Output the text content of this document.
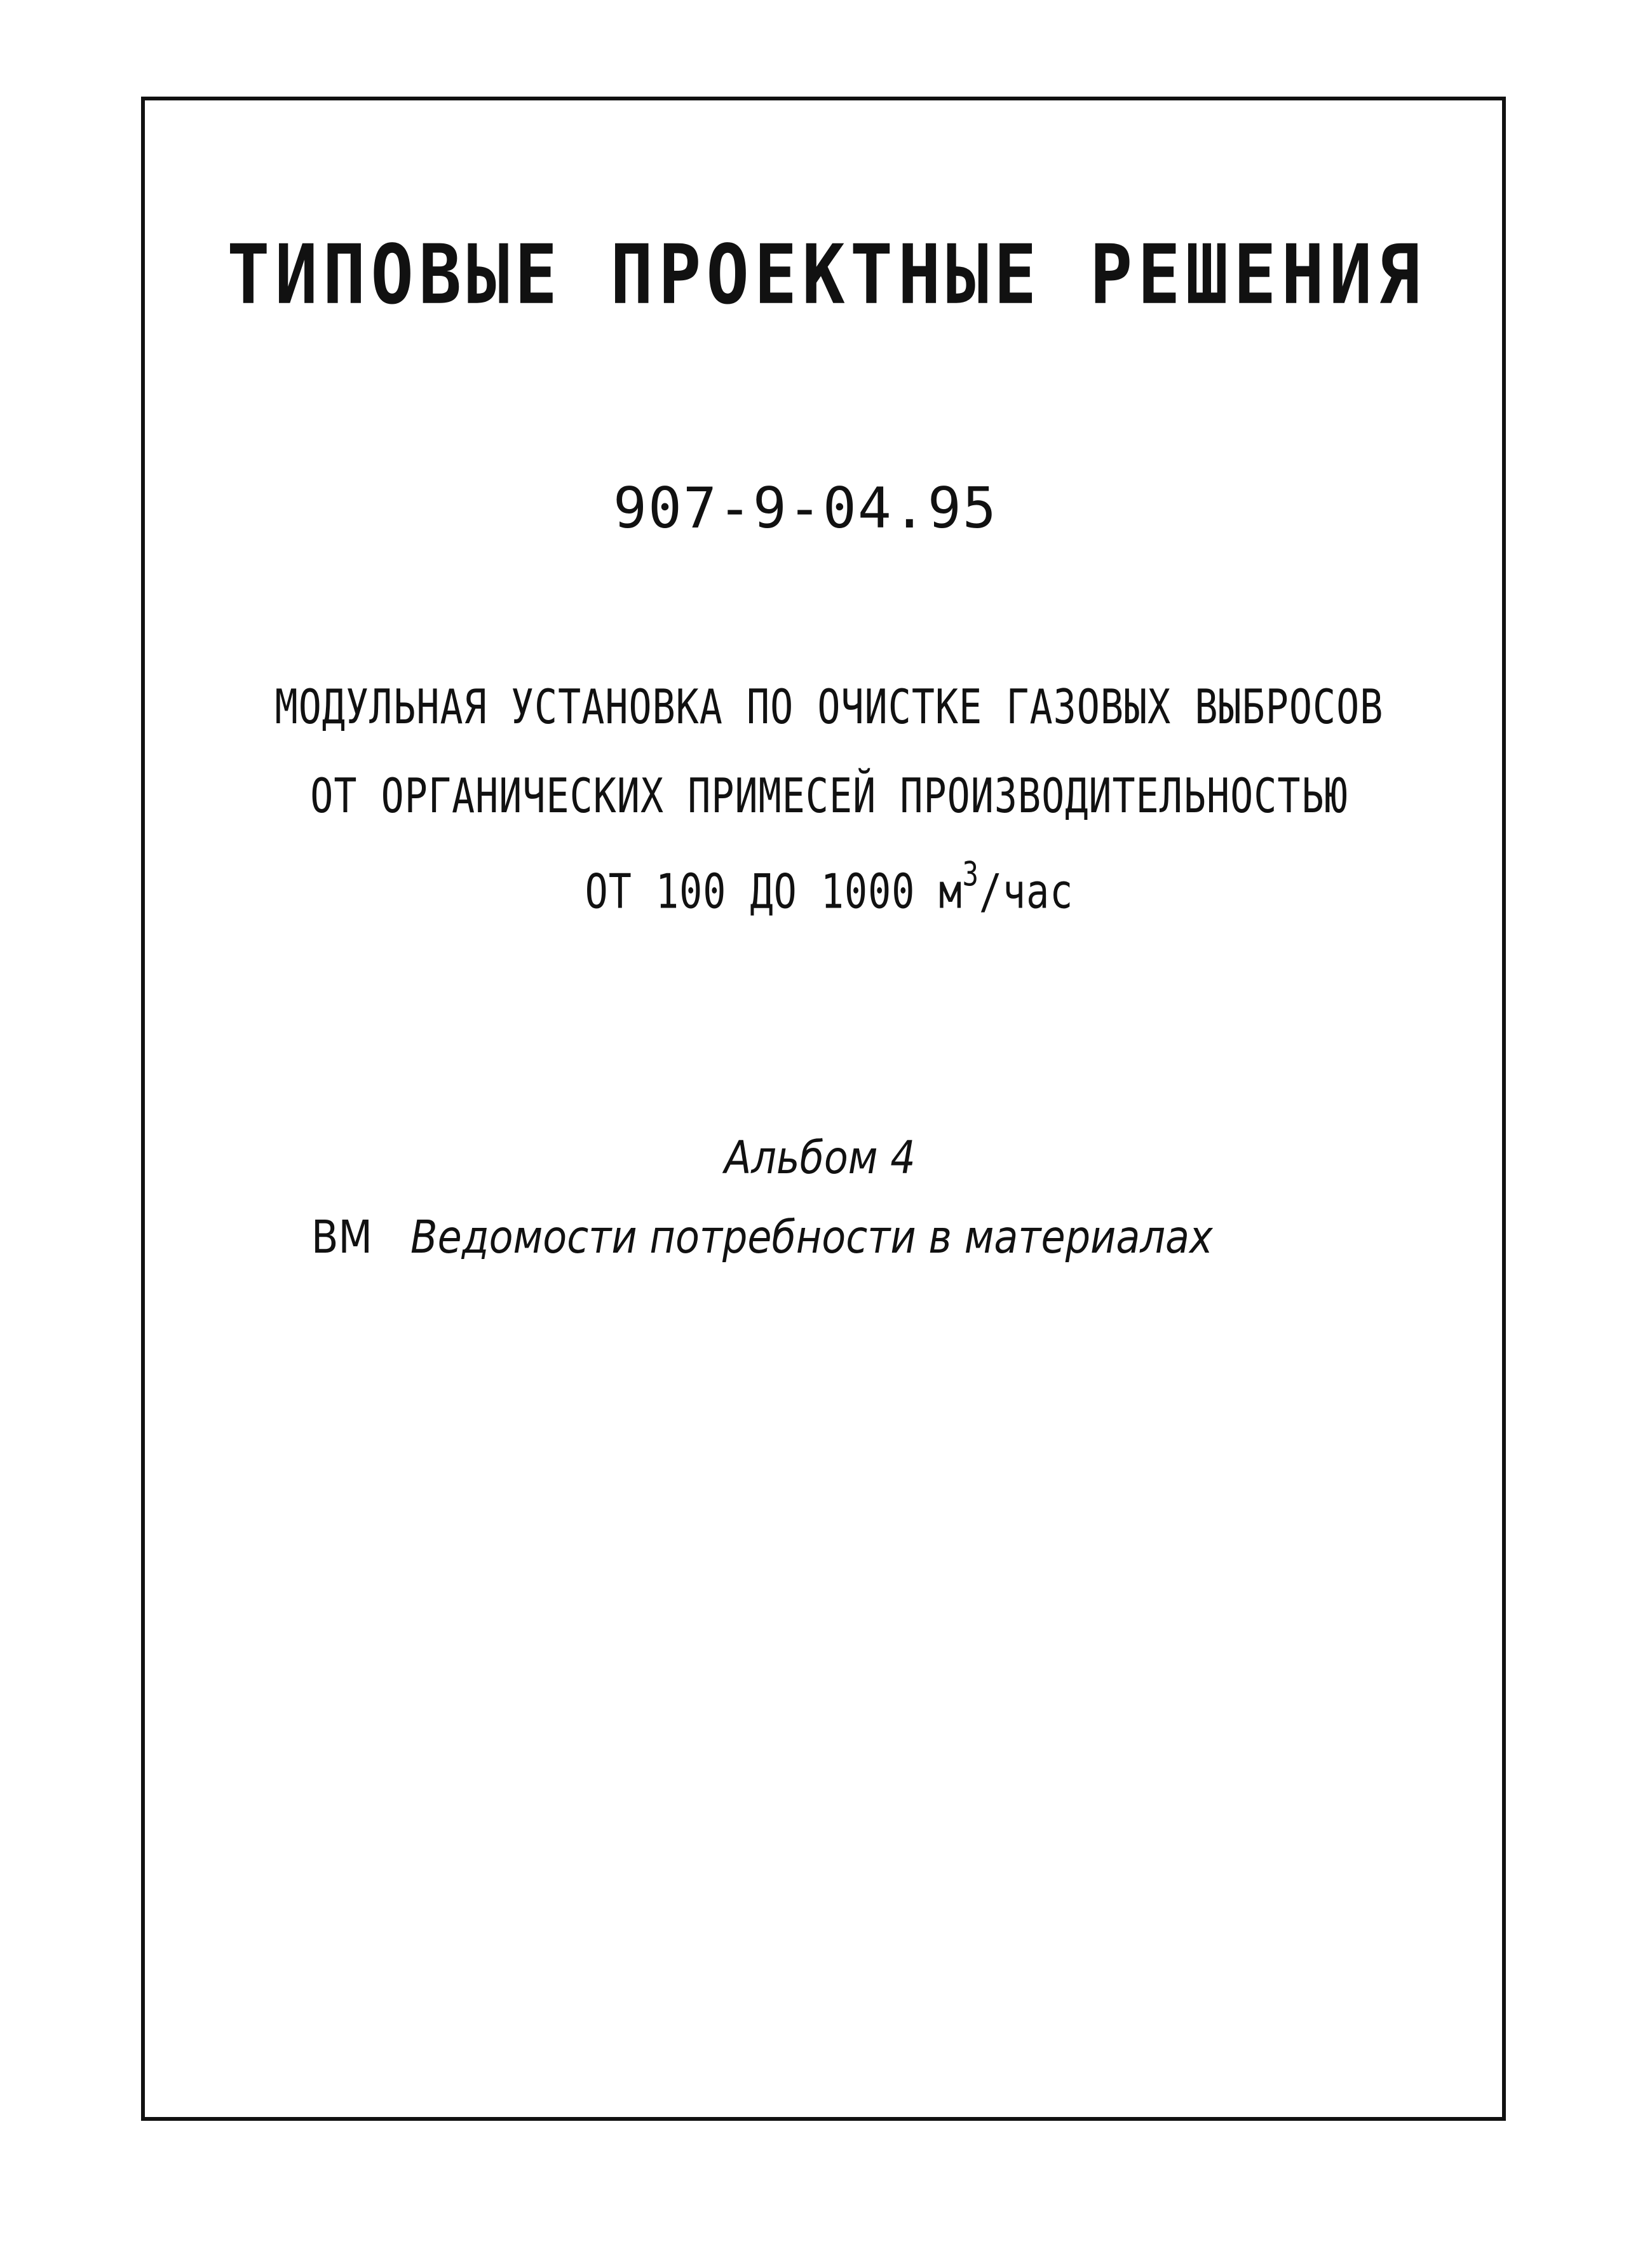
ТИПОВЫЕ ПРОЕКТНЫЕ РЕШЕНИЯ
907-9-04.95
МОДУЛЬНАЯ УСТАНОВКА ПО ОЧИСТКЕ ГАЗОВЫХ ВЫБРОСОВ
ОТ ОРГАНИЧЕСКИХ ПРИМЕСЕЙ ПРОИЗВОДИТЕЛЬНОСТЬЮ
ОТ 100 ДО 1000 $м^3$/час
Альбом 4
ВМ Ведомости потребности в материалах
